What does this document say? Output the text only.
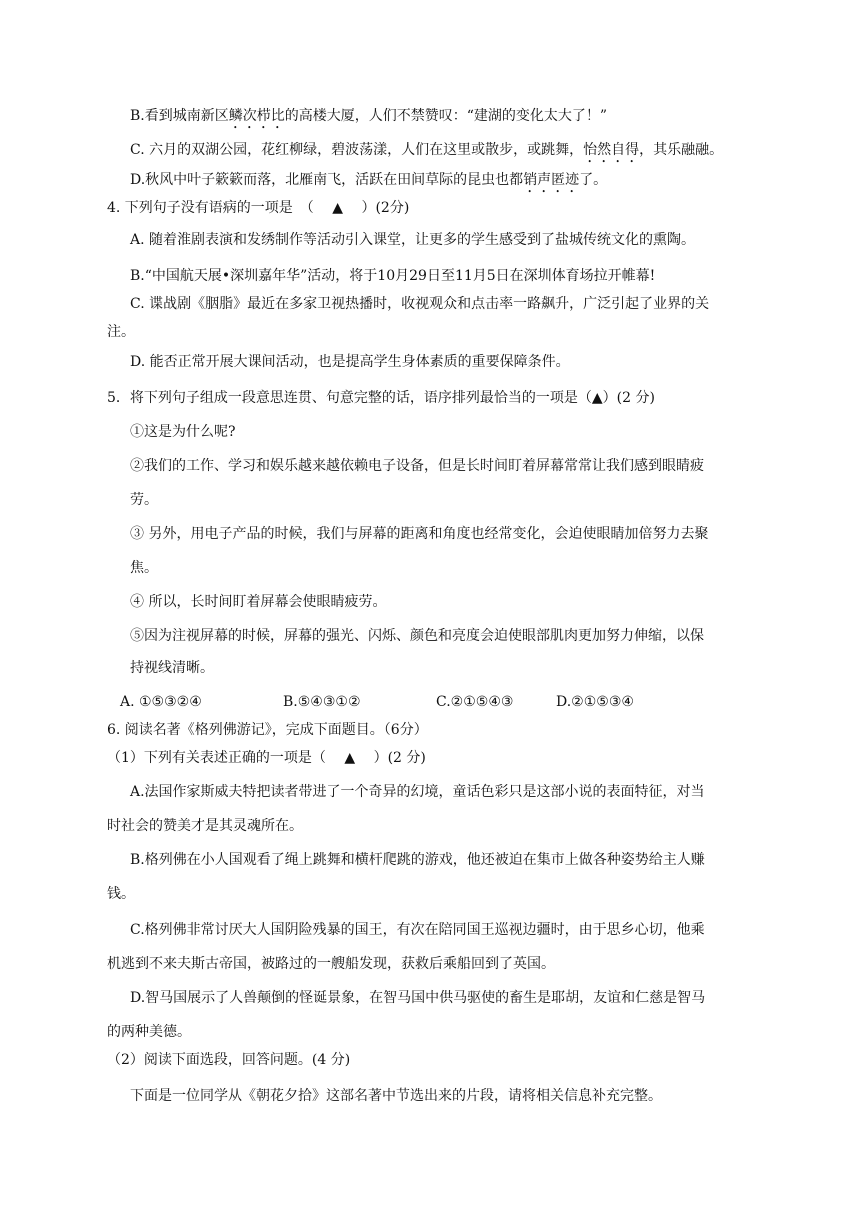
B.看到城南新区鳞次栉比的高楼大厦，人们不禁赞叹：“建湖的变化太大了！”

C. 六月的双湖公园，花红柳绿，碧波荡漾，人们在这里或散步，或跳舞，怡然自得，其乐融融。

D.秋风中叶子簌簌而落，北雁南飞，活跃在田间草际的昆虫也都销声匿迹了。

4. 下列句子没有语病的一项是　（　 ▲　 ）(2分)

A. 随着淮剧表演和发绣制作等活动引入课堂，让更多的学生感受到了盐城传统文化的熏陶。

B.“中国航天展•深圳嘉年华”活动，将于10月29日至11月5日在深圳体育场拉开帷幕!

C. 谍战剧《胭脂》最近在多家卫视热播时，收视观众和点击率一路飙升，广泛引起了业界的关

注。

D. 能否正常开展大课间活动，也是提高学生身体素质的重要保障条件。

5．将下列句子组成一段意思连贯、句意完整的话，语序排列最恰当的一项是（▲）(2 分)

①这是为什么呢?

②我们的工作、学习和娱乐越来越依赖电子设备，但是长时间盯着屏幕常常让我们感到眼睛疲

劳。

③ 另外，用电子产品的时候，我们与屏幕的距离和角度也经常变化，会迫使眼睛加倍努力去聚

焦。

④ 所以，长时间盯着屏幕会使眼睛疲劳。

⑤因为注视屏幕的时候，屏幕的强光、闪烁、颜色和亮度会迫使眼部肌肉更加努力伸缩，以保

持视线清晰。

A. ①⑤③②④	B.⑤④③①②	C.②①⑤④③	D.②①⑤③④

6. 阅读名著《格列佛游记》，完成下面题目。（6分）

（1）下列有关表述正确的一项是（　 ▲　 ）(2 分)

A.法国作家斯威夫特把读者带进了一个奇异的幻境，童话色彩只是这部小说的表面特征，对当

时社会的赞美才是其灵魂所在。

B.格列佛在小人国观看了绳上跳舞和横杆爬跳的游戏，他还被迫在集市上做各种姿势给主人赚

钱。

C.格列佛非常讨厌大人国阴险残暴的国王，有次在陪同国王巡视边疆时，由于思乡心切，他乘

机逃到不来夫斯古帝国，被路过的一艘船发现，获救后乘船回到了英国。

D.智马国展示了人兽颠倒的怪诞景象，在智马国中供马驱使的畜生是耶胡，友谊和仁慈是智马

的两种美德。

（2）阅读下面选段，回答问题。(4 分)

下面是一位同学从《朝花夕拾》这部名著中节选出来的片段，请将相关信息补充完整。
